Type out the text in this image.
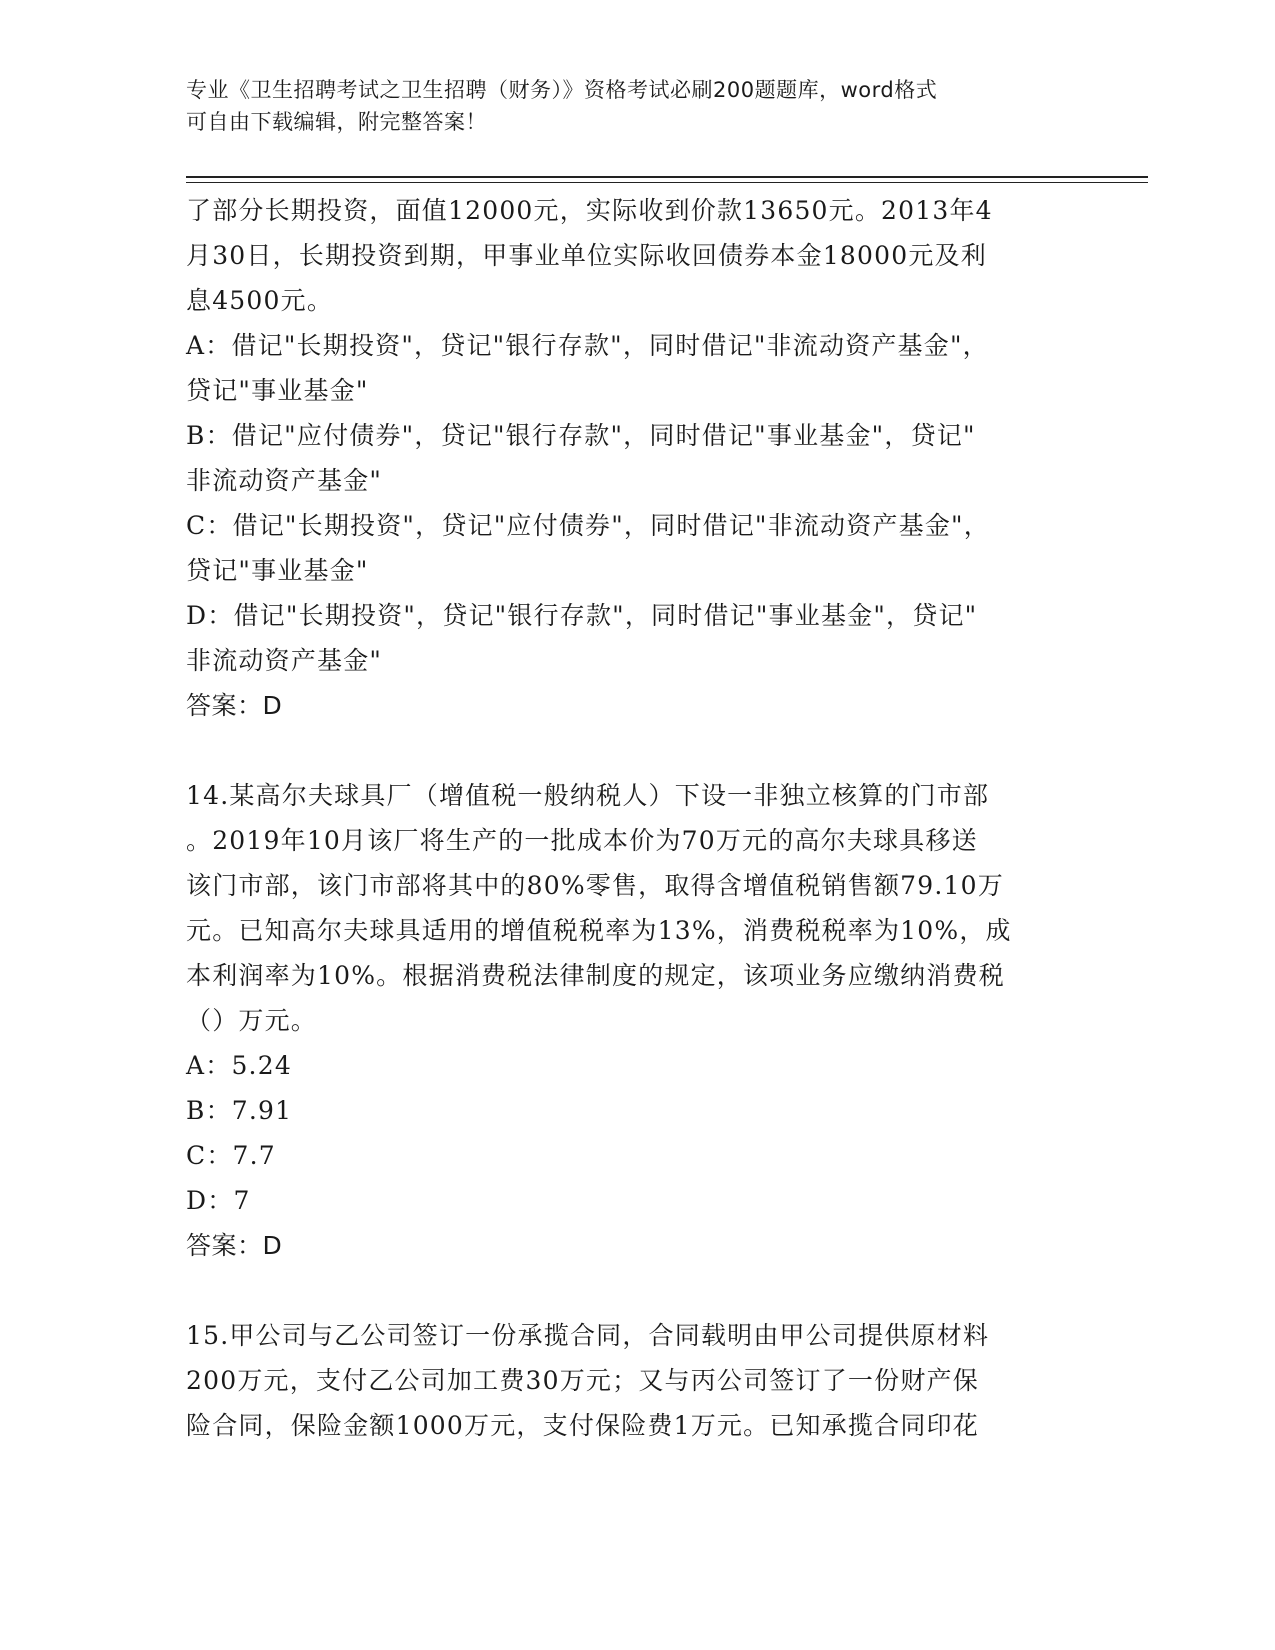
专业《卫生招聘考试之卫生招聘（财务）》资格考试必刷200题题库，word格式
可自由下载编辑，附完整答案！

了部分长期投资，面值12000元，实际收到价款13650元。2013年4

月30日，长期投资到期，甲事业单位实际收回债券本金18000元及利

息4500元。

A：借记"长期投资"，贷记"银行存款"，同时借记"非流动资产基金"，

贷记"事业基金"

B：借记"应付债券"，贷记"银行存款"，同时借记"事业基金"，贷记"

非流动资产基金"

C：借记"长期投资"，贷记"应付债券"，同时借记"非流动资产基金"，

贷记"事业基金"

D：借记"长期投资"，贷记"银行存款"，同时借记"事业基金"，贷记"

非流动资产基金"

答案：D

14.某高尔夫球具厂（增值税一般纳税人）下设一非独立核算的门市部

。2019年10月该厂将生产的一批成本价为70万元的高尔夫球具移送

该门市部，该门市部将其中的80%零售，取得含增值税销售额79.10万

元。已知高尔夫球具适用的增值税税率为13%，消费税税率为10%，成

本利润率为10%。根据消费税法律制度的规定，该项业务应缴纳消费税

（）万元。

A：5.24

B：7.91

C：7.7

D：7

答案：D

15.甲公司与乙公司签订一份承揽合同，合同载明由甲公司提供原材料

200万元，支付乙公司加工费30万元；又与丙公司签订了一份财产保

险合同，保险金额1000万元，支付保险费1万元。已知承揽合同印花
